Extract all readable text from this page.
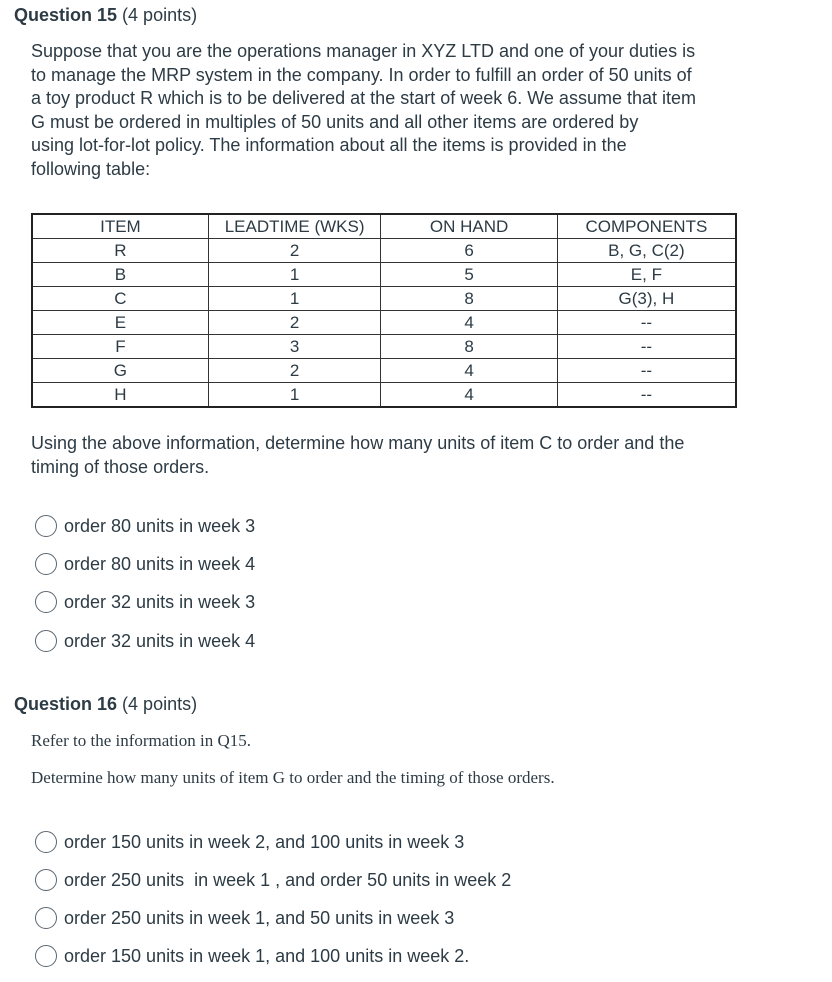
Question 15 (4 points)
Suppose that you are the operations manager in XYZ LTD and one of your duties is
to manage the MRP system in the company. In order to fulfill an order of 50 units of
a toy product R which is to be delivered at the start of week 6. We assume that item
G must be ordered in multiples of 50 units and all other items are ordered by
using lot-for-lot policy. The information about all the items is provided in the
following table:
ITEM	LEADTIME (WKS)	ON HAND	COMPONENTS
R	2	6	B, G, C(2)
B	1	5	E, F
C	1	8	G(3), H
E	2	4	--
F	3	8	--
G	2	4	--
H	1	4	--
Using the above information, determine how many units of item C to order and the
timing of those orders.
order 80 units in week 3
order 80 units in week 4
order 32 units in week 3
order 32 units in week 4
Question 16 (4 points)
Refer to the information in Q15.
Determine how many units of item G to order and the timing of those orders.
order 150 units in week 2, and 100 units in week 3
order 250 units  in week 1 , and order 50 units in week 2
order 250 units in week 1, and 50 units in week 3
order 150 units in week 1, and 100 units in week 2.
